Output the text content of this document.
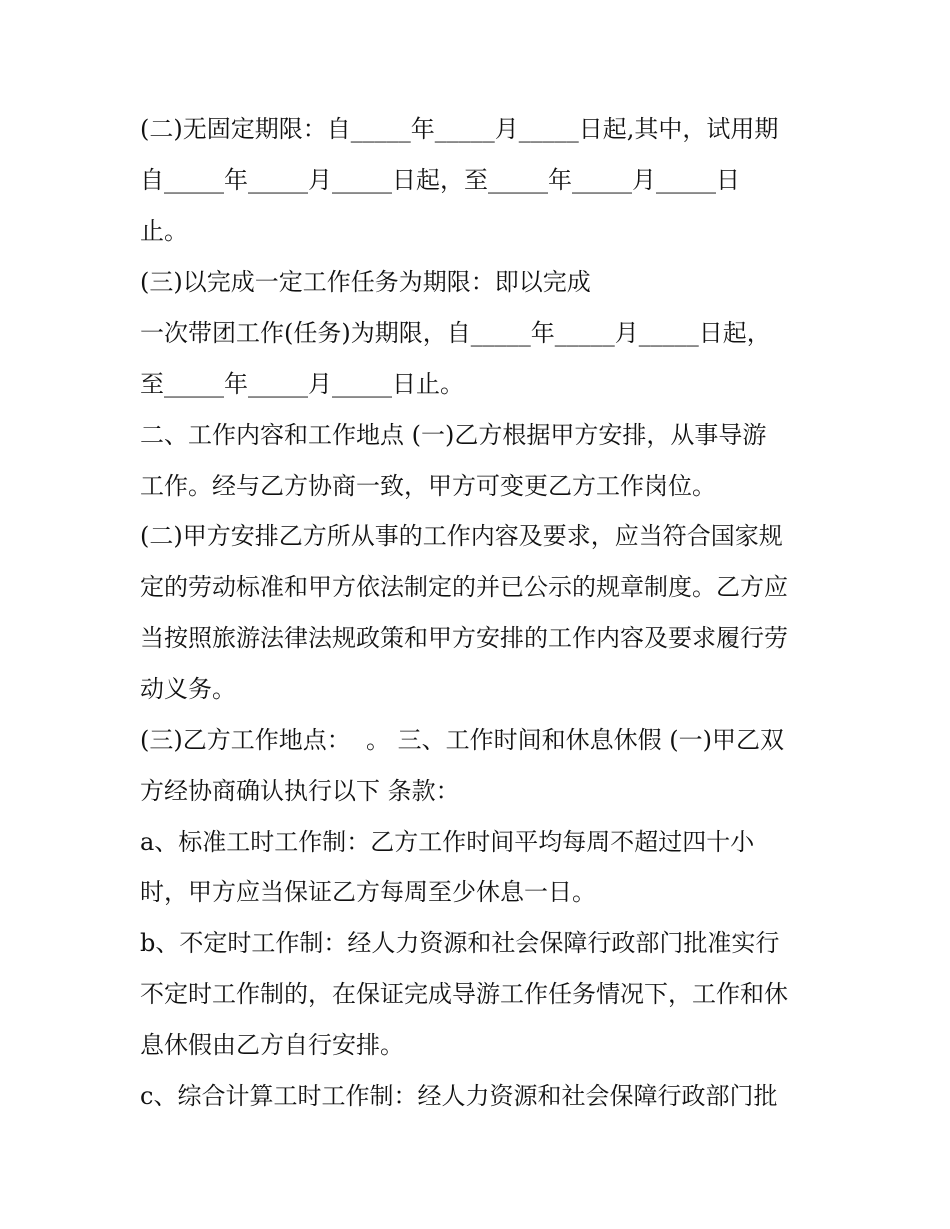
(二)无固定期限：自_____年_____月_____日起,其中，试用期

自_____年_____月_____日起，至_____年_____月_____日

止。

(三)以完成一定工作任务为期限：即以完成

一次带团工作(任务)为期限，自_____年_____月_____日起，

至_____年_____月_____日止。

二、工作内容和工作地点 (一)乙方根据甲方安排，从事导游

工作。经与乙方协商一致，甲方可变更乙方工作岗位。

(二)甲方安排乙方所从事的工作内容及要求，应当符合国家规

定的劳动标准和甲方依法制定的并已公示的规章制度。乙方应

当按照旅游法律法规政策和甲方安排的工作内容及要求履行劳

动义务。

(三)乙方工作地点：  。 三、工作时间和休息休假 (一)甲乙双

方经协商确认执行以下 条款：

a、标准工时工作制：乙方工作时间平均每周不超过四十小

时，甲方应当保证乙方每周至少休息一日。

b、不定时工作制：经人力资源和社会保障行政部门批准实行

不定时工作制的，在保证完成导游工作任务情况下，工作和休

息休假由乙方自行安排。

c、综合计算工时工作制：经人力资源和社会保障行政部门批
